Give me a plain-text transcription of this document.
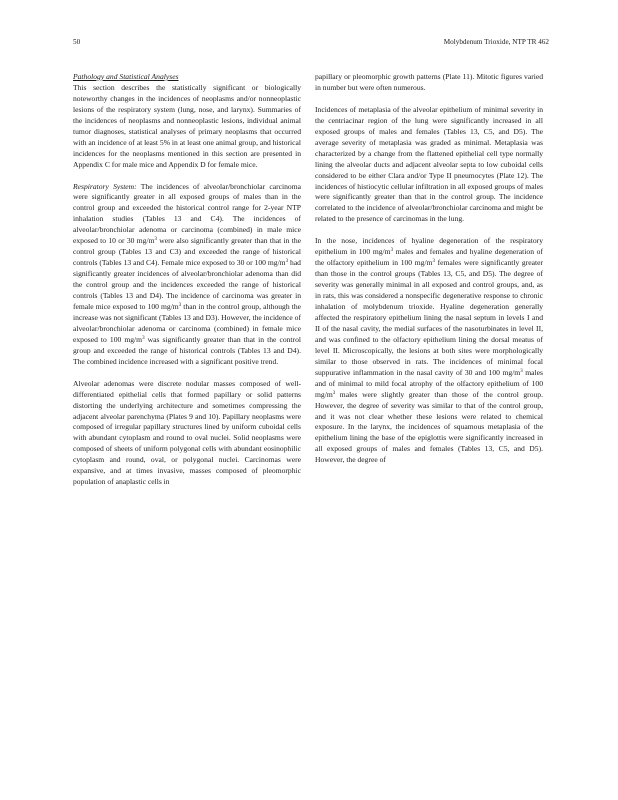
50	Molybdenum Trioxide, NTP TR 462

Pathology and Statistical Analyses
This section describes the statistically significant or biologically noteworthy changes in the incidences of neoplasms and/or nonneoplastic lesions of the respiratory system (lung, nose, and larynx). Summaries of the incidences of neoplasms and nonneoplastic lesions, individual animal tumor diagnoses, statistical analyses of primary neoplasms that occurred with an incidence of at least 5% in at least one animal group, and historical incidences for the neoplasms mentioned in this section are presented in Appendix C for male mice and Appendix D for female mice.

Respiratory System: The incidences of alveolar/bronchiolar carcinoma were significantly greater in all exposed groups of males than in the control group and exceeded the historical control range for 2-year NTP inhalation studies (Tables 13 and C4). The incidences of alveolar/bronchiolar adenoma or carcinoma (combined) in male mice exposed to 10 or 30 $mg/m^3$ were also significantly greater than that in the control group (Tables 13 and C3) and exceeded the range of historical controls (Tables 13 and C4). Female mice exposed to 30 or 100 $mg/m^3$ had significantly greater incidences of alveolar/bronchiolar adenoma than did the control group and the incidences exceeded the range of historical controls (Tables 13 and D4). The incidence of carcinoma was greater in female mice exposed to 100 $mg/m^3$ than in the control group, although the increase was not significant (Tables 13 and D3). However, the incidence of alveolar/bronchiolar adenoma or carcinoma (combined) in female mice exposed to 100 $mg/m^3$ was significantly greater than that in the control group and exceeded the range of historical controls (Tables 13 and D4). The combined incidence increased with a significant positive trend.

Alveolar adenomas were discrete nodular masses composed of well-differentiated epithelial cells that formed papillary or solid patterns distorting the underlying architecture and sometimes compressing the adjacent alveolar parenchyma (Plates 9 and 10). Papillary neoplasms were composed of irregular papillary structures lined by uniform cuboidal cells with abundant cytoplasm and round to oval nuclei. Solid neoplasms were composed of sheets of uniform polygonal cells with abundant eosinophilic cytoplasm and round, oval, or polygonal nuclei. Carcinomas were expansive, and at times invasive, masses composed of pleomorphic population of anaplastic cells in

papillary or pleomorphic growth patterns (Plate 11). Mitotic figures varied in number but were often numerous.

Incidences of metaplasia of the alveolar epithelium of minimal severity in the centriacinar region of the lung were significantly increased in all exposed groups of males and females (Tables 13, C5, and D5). The average severity of metaplasia was graded as minimal. Metaplasia was characterized by a change from the flattened epithelial cell type normally lining the alveolar ducts and adjacent alveolar septa to low cuboidal cells considered to be either Clara and/or Type II pneumocytes (Plate 12). The incidences of histiocytic cellular infiltration in all exposed groups of males were significantly greater than that in the control group. The incidence correlated to the incidence of alveolar/bronchiolar carcinoma and might be related to the presence of carcinomas in the lung.

In the nose, incidences of hyaline degeneration of the respiratory epithelium in 100 $mg/m^3$ males and females and hyaline degeneration of the olfactory epithelium in 100 $mg/m^3$ females were significantly greater than those in the control groups (Tables 13, C5, and D5). The degree of severity was generally minimal in all exposed and control groups, and, as in rats, this was considered a nonspecific degenerative response to chronic inhalation of molybdenum trioxide. Hyaline degeneration generally affected the respiratory epithelium lining the nasal septum in levels I and II of the nasal cavity, the medial surfaces of the nasoturbinates in level II, and was confined to the olfactory epithelium lining the dorsal meatus of level II. Microscopically, the lesions at both sites were morphologically similar to those observed in rats. The incidences of minimal focal suppurative inflammation in the nasal cavity of 30 and 100 $mg/m^3$ males and of minimal to mild focal atrophy of the olfactory epithelium of 100 $mg/m^3$ males were slightly greater than those of the control group. However, the degree of severity was similar to that of the control group, and it was not clear whether these lesions were related to chemical exposure. In the larynx, the incidences of squamous metaplasia of the epithelium lining the base of the epiglottis were significantly increased in all exposed groups of males and females (Tables 13, C5, and D5). However, the degree of
